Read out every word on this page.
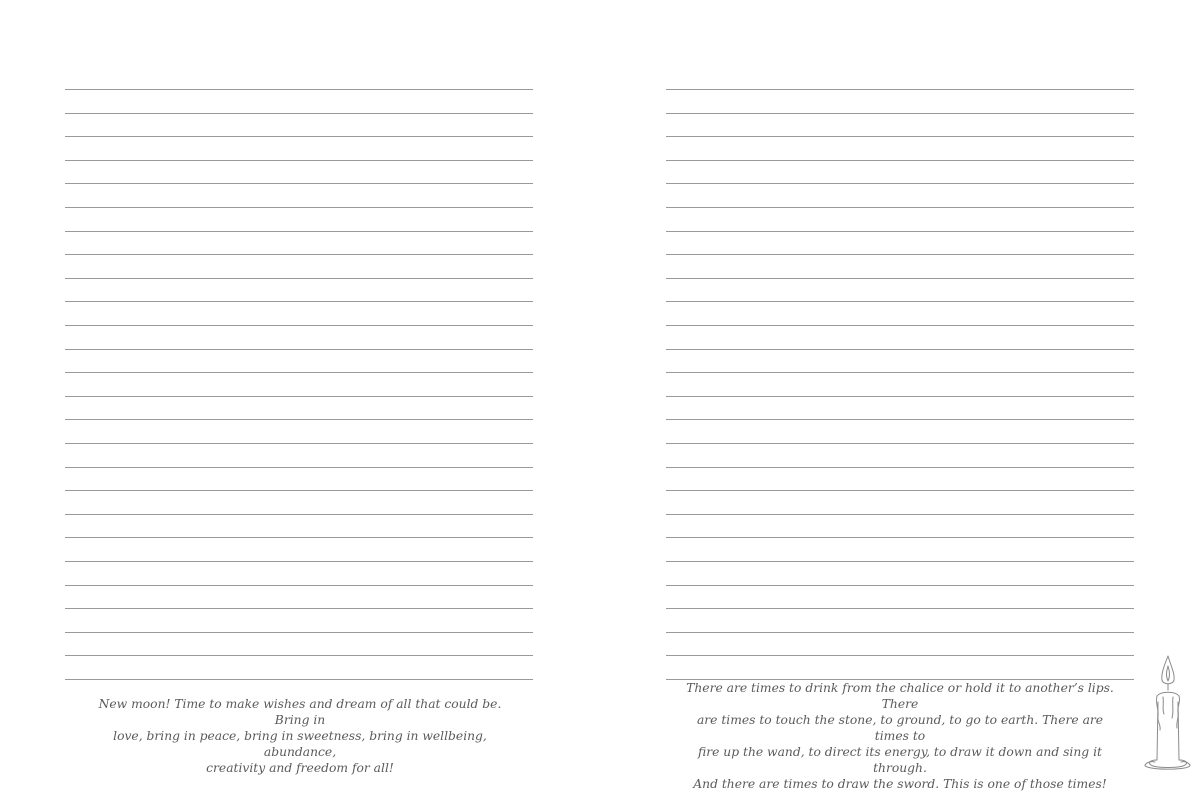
New moon! Time to make wishes and dream of all that could be. Bring in
love, bring in peace, bring in sweetness, bring in wellbeing, abundance,
creativity and freedom for all!
There are times to drink from the chalice or hold it to another’s lips. There
are times to touch the stone, to ground, to go to earth. There are times to
fire up the wand, to direct its energy, to draw it down and sing it through.
And there are times to draw the sword. This is one of those times!
